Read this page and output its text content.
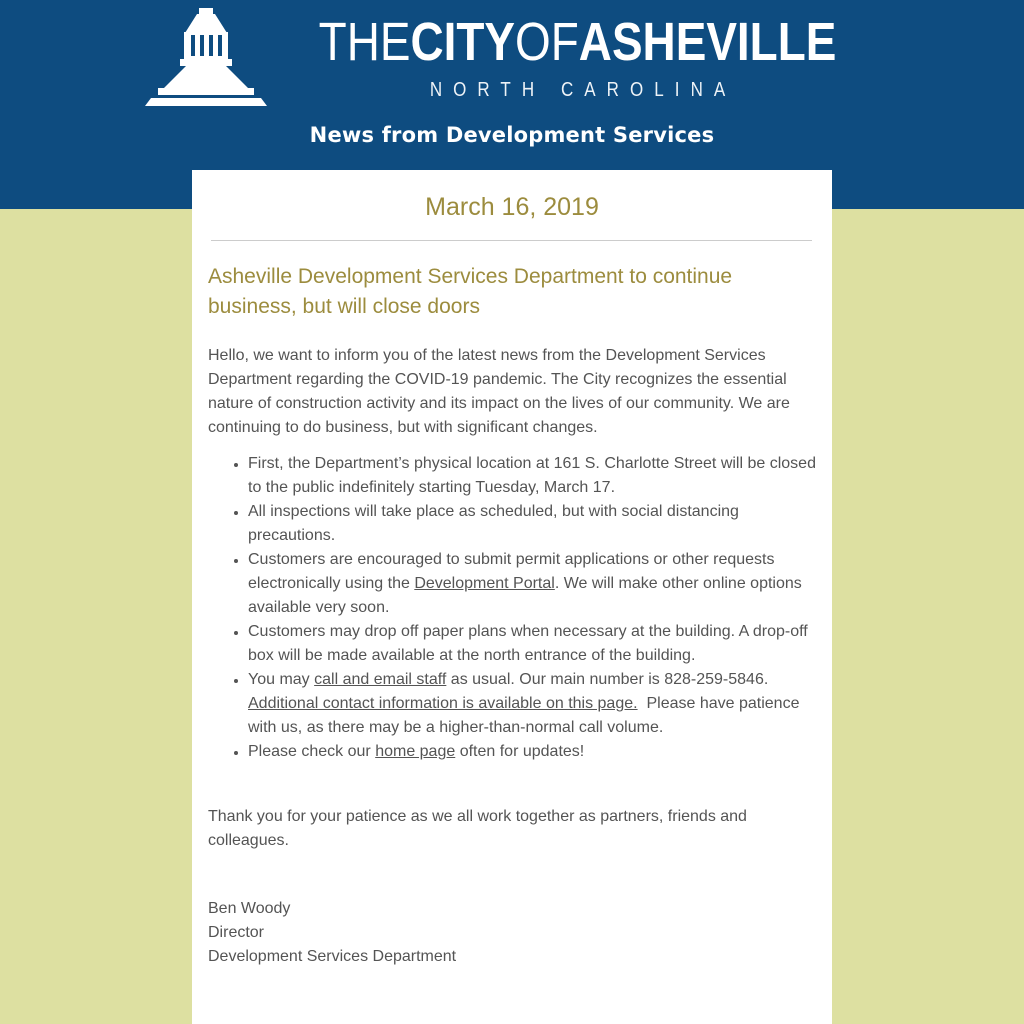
THECITYOFASHEVILLE
NORTH CAROLINA
News from Development Services
March 16, 2019
Asheville Development Services Department to continue business, but will close doors

Hello, we want to inform you of the latest news from the Development Services Department regarding the COVID-19 pandemic. The City recognizes the essential nature of construction activity and its impact on the lives of our community. We are continuing to do business, but with significant changes.

• First, the Department’s physical location at 161 S. Charlotte Street will be closed to the public indefinitely starting Tuesday, March 17.
• All inspections will take place as scheduled, but with social distancing precautions.
• Customers are encouraged to submit permit applications or other requests electronically using the Development Portal. We will make other online options available very soon.
• Customers may drop off paper plans when necessary at the building. A drop-off box will be made available at the north entrance of the building.
• You may call and email staff as usual. Our main number is 828-259-5846. Additional contact information is available on this page.  Please have patience with us, as there may be a higher-than-normal call volume.
• Please check our home page often for updates!

Thank you for your patience as we all work together as partners, friends and colleagues.

Ben Woody
Director
Development Services Department
